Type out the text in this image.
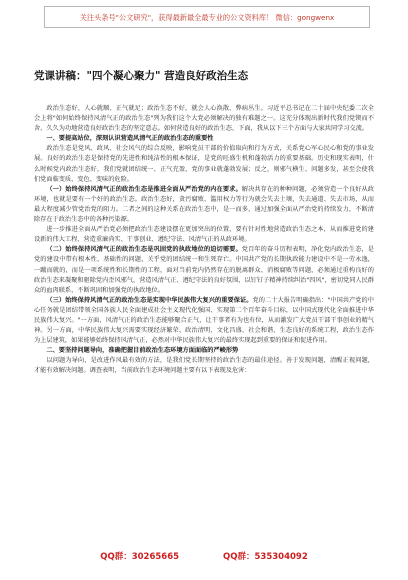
关注头条号"公文研究"，获得最新最全最专业的公文资料库！ 微信：gongwenx
党课讲稿："四个凝心聚力" 营造良好政治生态

政治生态好，人心就顺、正气就足；政治生态不好，就会人心涣散、弊病丛生。习近平总书记在二十届中央纪委二次全会上将"如何始终保持风清气正的政治生态"列为我们这个大党必须解决的独有难题之一。这充分体现出新时代我们党锲而不舍、久久为功地营造良好政治生态的坚定意志。如何营造良好的政治生态，下面，我从以下三个方面与大家共同学习交流。

一、要提高站位，深刻认识营造风清气正的政治生态的重要性

政治生态是党风、政风、社会风气的综合反映，影响党员干部的价值取向和行为方式，关系党心军心民心和党的事业发展。良好的政治生态是保持党的先进性和纯洁性的根本保证，是党的旺盛生机和蓬勃活力的重要基础。历史和现实表明，什么时候党内政治生态好，我们党就团结统一、正气充盈，党的事业就蓬勃发展；反之，则邪气横生、问题多发，甚至会使我们党面临变质、变色、变味的危险。

（一）始终保持风清气正的政治生态是推进全面从严治党的内在要求。解决共存在的种种问题，必须营造一个良好从政环境，也就是要有一个好的政治生态。政治生态好，贪污腐败、滥用权力等行为就会失去土壤，失去通道、失去市场，从而最大程度减少管党治党的阻力。二者之间的这种关系在政治生态中，是一而多，通过加强全面从严治党的持续发力，不断清除存在于政治生态中的各种污染源。

进一步推进全面从严治党必须把政治生态建设摆在更加突出的位置，要有针对性地营造政治生态之本，从而推进党的建设新的伟大工程，营造重廉尚实、干事创业、遵纪守法、风清气正的从政环境。

（二）始终保持风清气正的政治生态是巩固党的执政地位的迫切需要。党百年的奋斗历程表明，净化党内政治生态，是党的建设中带有根本性、基础性的问题，关乎党的团结统一和生死存亡。中国共产党的长期执政能力建设中不是一劳永逸，一蹴而就的，而是一项系统性和长期性的工程，面对当前党内仍然存在的脱离群众、消极腐败等问题，必须通过重构良好的政治生态来凝聚和驱除党内歪风邪气，营造风清气正、遵纪守法的良好氛围，以钉钉子精神持续纠治"四风"，密切党同人民群众的血肉联系，不断巩固和加强党的执政地位。

（三）始终保持风清气正的政治生态是实现中华民族伟大复兴的重要保证。党的二十大报告明确指出："中国共产党的中心任务就是团结带领全国各族人民全面建成社会主义现代化强国、实现第二个百年奋斗目标，以中国式现代化全面推进中华民族伟大复兴。"一方面，风清气正的政治生态能够聚合正气，让干事者有为也有位，从而激发广大党员干部干事创业的精气神。另一方面，中华民族伟大复兴需要实现经济繁荣、政治清明、文化昌盛、社会和谐、生态良好的系统工程，政治生态作为上层建筑，如果能够始终保持风清气正，必然对中华民族伟大复兴的最终实现起到重要的保证和促进作用。

二、要坚持问题导向，准确把握目前政治生态环境方面面临的严峻形势

以问题为导向，是改进作风最有效的方法，是我们党长期坚持的政治生态的最佳途径。善于发现问题，清醒正视问题，才能有效解决问题。调查表明，当前政治生态环境问题主要有以下表现及危害：

QQ群：30265665	QQ群：535304092
